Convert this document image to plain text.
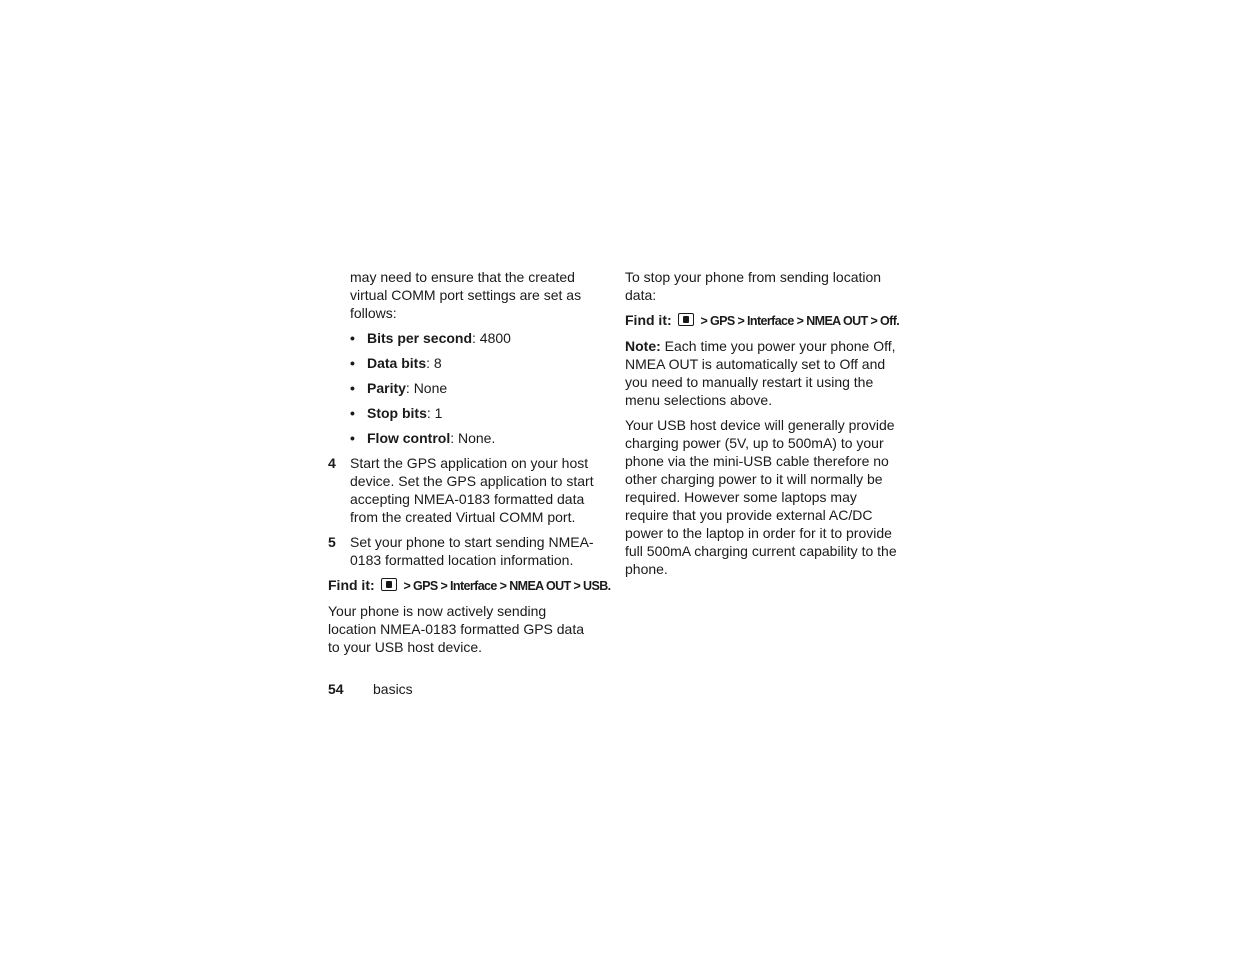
may need to ensure that the created virtual COMM port settings are set as follows:

• Bits per second: 4800
• Data bits: 8
• Parity: None
• Stop bits: 1
• Flow control: None.
4 Start the GPS application on your host device. Set the GPS application to start accepting NMEA-0183 formatted data from the created Virtual COMM port.
5 Set your phone to start sending NMEA-0183 formatted location information.

Find it: > GPS > Interface > NMEA OUT > USB.

Your phone is now actively sending location NMEA-0183 formatted GPS data to your USB host device.

To stop your phone from sending location data:

Find it: > GPS > Interface > NMEA OUT > Off.

Note: Each time you power your phone Off, NMEA OUT is automatically set to Off and you need to manually restart it using the menu selections above.

Your USB host device will generally provide charging power (5V, up to 500mA) to your phone via the mini-USB cable therefore no other charging power to it will normally be required. However some laptops may require that you provide external AC/DC power to the laptop in order for it to provide full 500mA charging current capability to the phone.

54 basics
